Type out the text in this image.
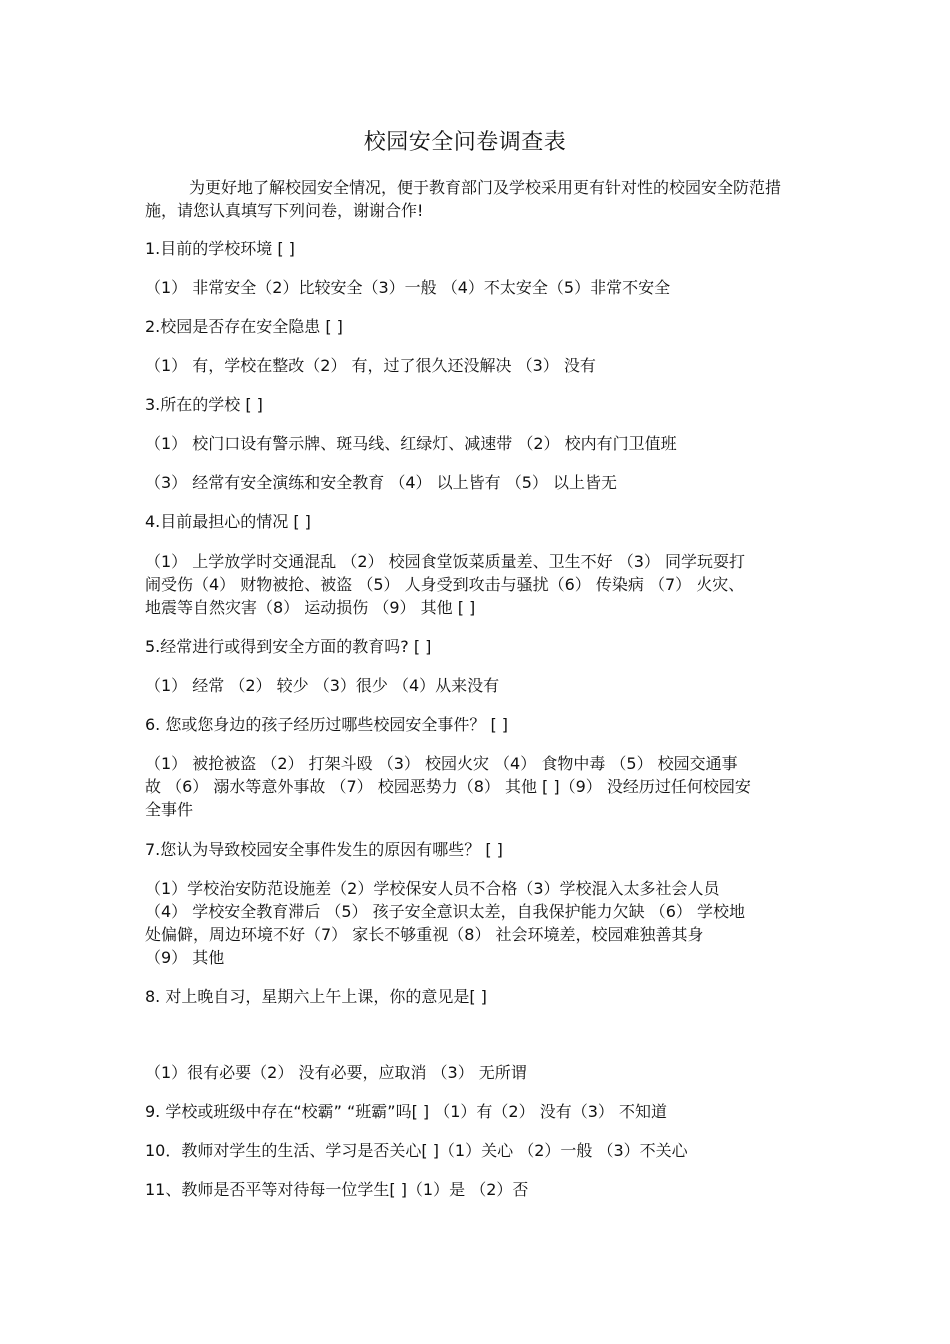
校园安全问卷调查表
为更好地了解校园安全情况，便于教育部门及学校采用更有针对性的校园安全防范措施，请您认真填写下列问卷，谢谢合作!
1.目前的学校环境 [ ]
（1） 非常安全（2）比较安全（3）一般 （4）不太安全（5）非常不安全
2.校园是否存在安全隐患 [ ]
（1） 有，学校在整改（2） 有，过了很久还没解决 （3） 没有
3.所在的学校 [ ]
（1） 校门口设有警示牌、斑马线、红绿灯、减速带 （2） 校内有门卫值班
（3） 经常有安全演练和安全教育 （4） 以上皆有 （5） 以上皆无
4.目前最担心的情况 [ ]
（1） 上学放学时交通混乱 （2） 校园食堂饭菜质量差、卫生不好 （3） 同学玩耍打
闹受伤（4） 财物被抢、被盗 （5） 人身受到攻击与骚扰（6） 传染病 （7） 火灾、
地震等自然灾害（8） 运动损伤 （9） 其他 [ ]
5.经常进行或得到安全方面的教育吗? [ ]
（1） 经常 （2） 较少 （3）很少 （4）从来没有
6. 您或您身边的孩子经历过哪些校园安全事件？ [ ]
（1） 被抢被盗 （2） 打架斗殴 （3） 校园火灾 （4） 食物中毒 （5） 校园交通事
故 （6） 溺水等意外事故 （7） 校园恶势力（8） 其他 [ ]（9） 没经历过任何校园安
全事件
7.您认为导致校园安全事件发生的原因有哪些？ [ ]
（1）学校治安防范设施差（2）学校保安人员不合格（3）学校混入太多社会人员
（4） 学校安全教育滞后 （5） 孩子安全意识太差，自我保护能力欠缺 （6） 学校地
处偏僻，周边环境不好（7） 家长不够重视（8） 社会环境差，校园难独善其身
（9） 其他
8. 对上晚自习，星期六上午上课，你的意见是[ ]
（1）很有必要（2） 没有必要，应取消 （3） 无所谓
9. 学校或班级中存在“校霸” “班霸”吗[ ] （1）有（2） 没有（3） 不知道
10．教师对学生的生活、学习是否关心[ ]（1）关心 （2）一般 （3）不关心
11、教师是否平等对待每一位学生[ ]（1）是 （2）否
